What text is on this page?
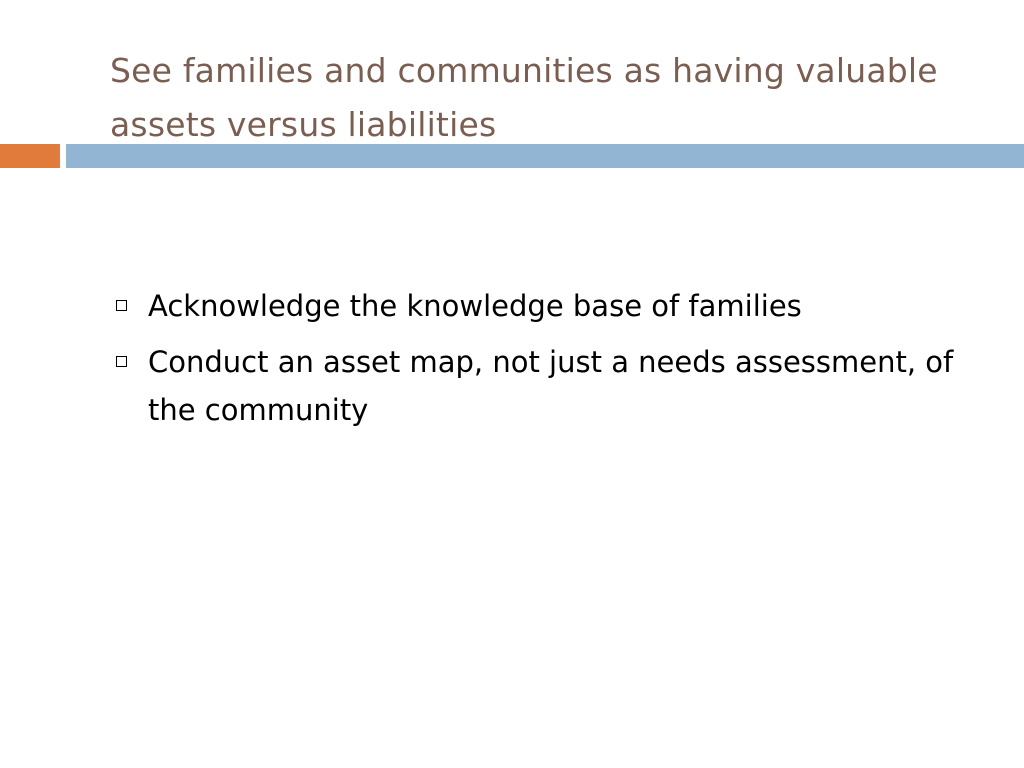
See families and communities as having valuable assets versus liabilities
Acknowledge the knowledge base of families
Conduct an asset map, not just a needs assessment, of the community
